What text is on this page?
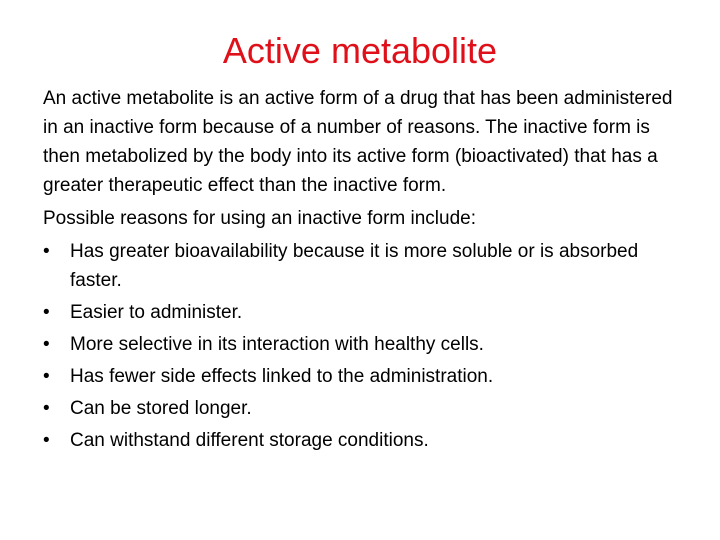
Active metabolite

An active metabolite is an active form of a drug that has been administered in an inactive form because of a number of reasons. The inactive form is then metabolized by the body into its active form (bioactivated) that has a greater therapeutic effect than the inactive form.

Possible reasons for using an inactive form include:

•	Has greater bioavailability because it is more soluble or is absorbed faster.
•	Easier to administer.
•	More selective in its interaction with healthy cells.
•	Has fewer side effects linked to the administration.
•	Can be stored longer.
•	Can withstand different storage conditions.
